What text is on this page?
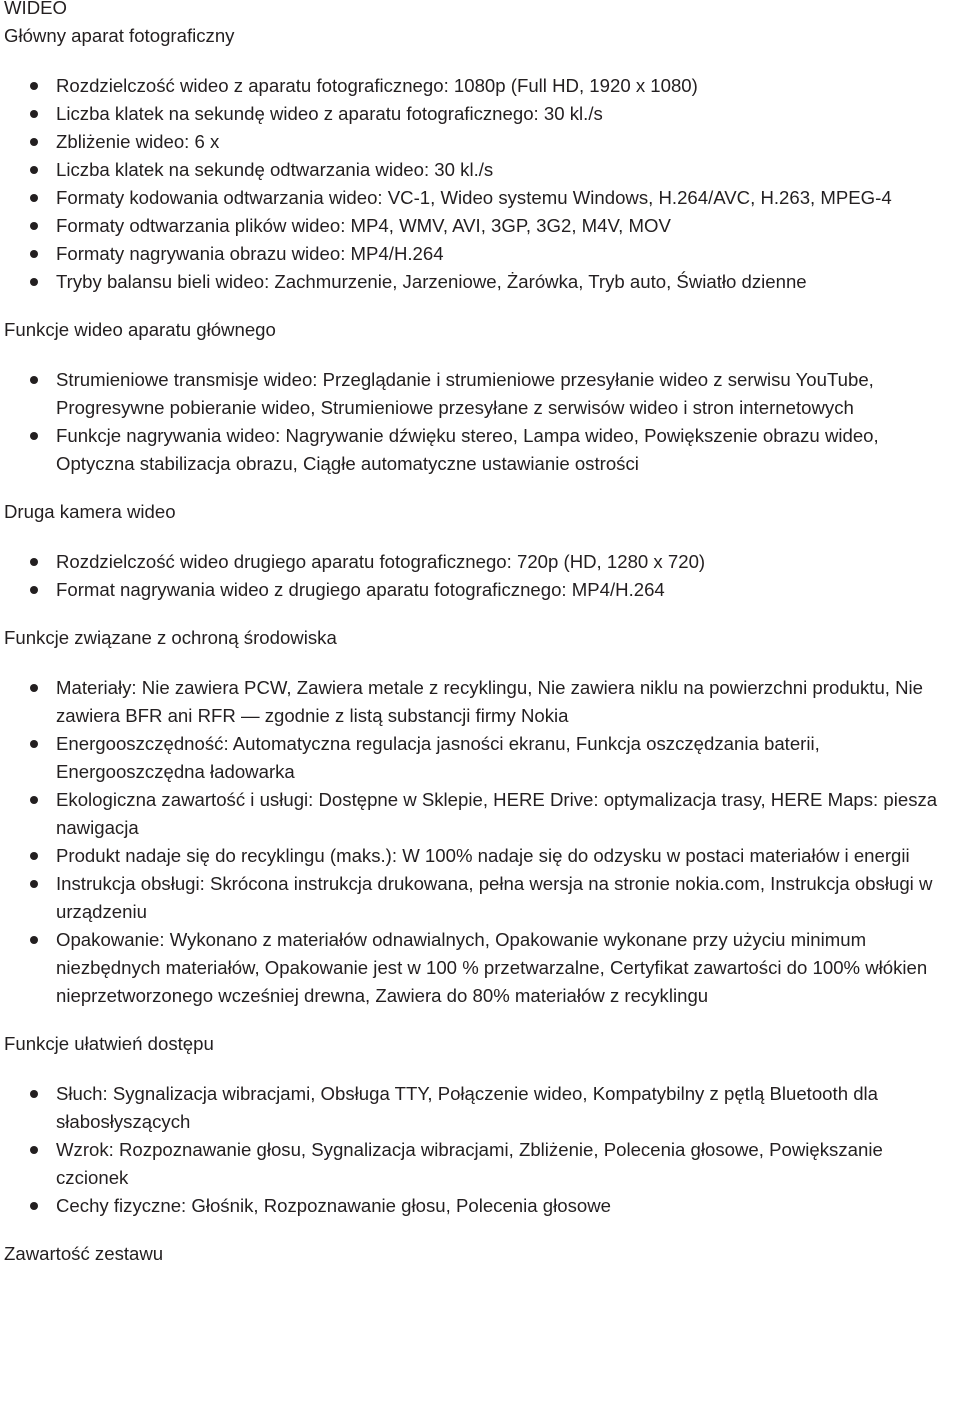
WIDEO
Główny aparat fotograficzny
Rozdzielczość wideo z aparatu fotograficznego: 1080p (Full HD, 1920 x 1080)
Liczba klatek na sekundę wideo z aparatu fotograficznego: 30 kl./s
Zbliżenie wideo: 6 x
Liczba klatek na sekundę odtwarzania wideo: 30 kl./s
Formaty kodowania odtwarzania wideo: VC-1, Wideo systemu Windows, H.264/AVC, H.263, MPEG-4
Formaty odtwarzania plików wideo: MP4, WMV, AVI, 3GP, 3G2, M4V, MOV
Formaty nagrywania obrazu wideo: MP4/H.264
Tryby balansu bieli wideo: Zachmurzenie, Jarzeniowe, Żarówka, Tryb auto, Światło dzienne
Funkcje wideo aparatu głównego
Strumieniowe transmisje wideo: Przeglądanie i strumieniowe przesyłanie wideo z serwisu YouTube, Progresywne pobieranie wideo, Strumieniowe przesyłane z serwisów wideo i stron internetowych
Funkcje nagrywania wideo: Nagrywanie dźwięku stereo, Lampa wideo, Powiększenie obrazu wideo, Optyczna stabilizacja obrazu, Ciągłe automatyczne ustawianie ostrości
Druga kamera wideo
Rozdzielczość wideo drugiego aparatu fotograficznego: 720p (HD, 1280 x 720)
Format nagrywania wideo z drugiego aparatu fotograficznego: MP4/H.264
Funkcje związane z ochroną środowiska
Materiały: Nie zawiera PCW, Zawiera metale z recyklingu, Nie zawiera niklu na powierzchni produktu, Nie zawiera BFR ani RFR — zgodnie z listą substancji firmy Nokia
Energooszczędność: Automatyczna regulacja jasności ekranu, Funkcja oszczędzania baterii, Energooszczędna ładowarka
Ekologiczna zawartość i usługi: Dostępne w Sklepie, HERE Drive: optymalizacja trasy, HERE Maps: piesza nawigacja
Produkt nadaje się do recyklingu (maks.): W 100% nadaje się do odzysku w postaci materiałów i energii
Instrukcja obsługi: Skrócona instrukcja drukowana, pełna wersja na stronie nokia.com, Instrukcja obsługi w urządzeniu
Opakowanie: Wykonano z materiałów odnawialnych, Opakowanie wykonane przy użyciu minimum niezbędnych materiałów, Opakowanie jest w 100 % przetwarzalne, Certyfikat zawartości do 100% włókien nieprzetworzonego wcześniej drewna, Zawiera do 80% materiałów z recyklingu
Funkcje ułatwień dostępu
Słuch: Sygnalizacja wibracjami, Obsługa TTY, Połączenie wideo, Kompatybilny z pętlą Bluetooth dla słabosłyszących
Wzrok: Rozpoznawanie głosu, Sygnalizacja wibracjami, Zbliżenie, Polecenia głosowe, Powiększanie czcionek
Cechy fizyczne: Głośnik, Rozpoznawanie głosu, Polecenia głosowe
Zawartość zestawu
